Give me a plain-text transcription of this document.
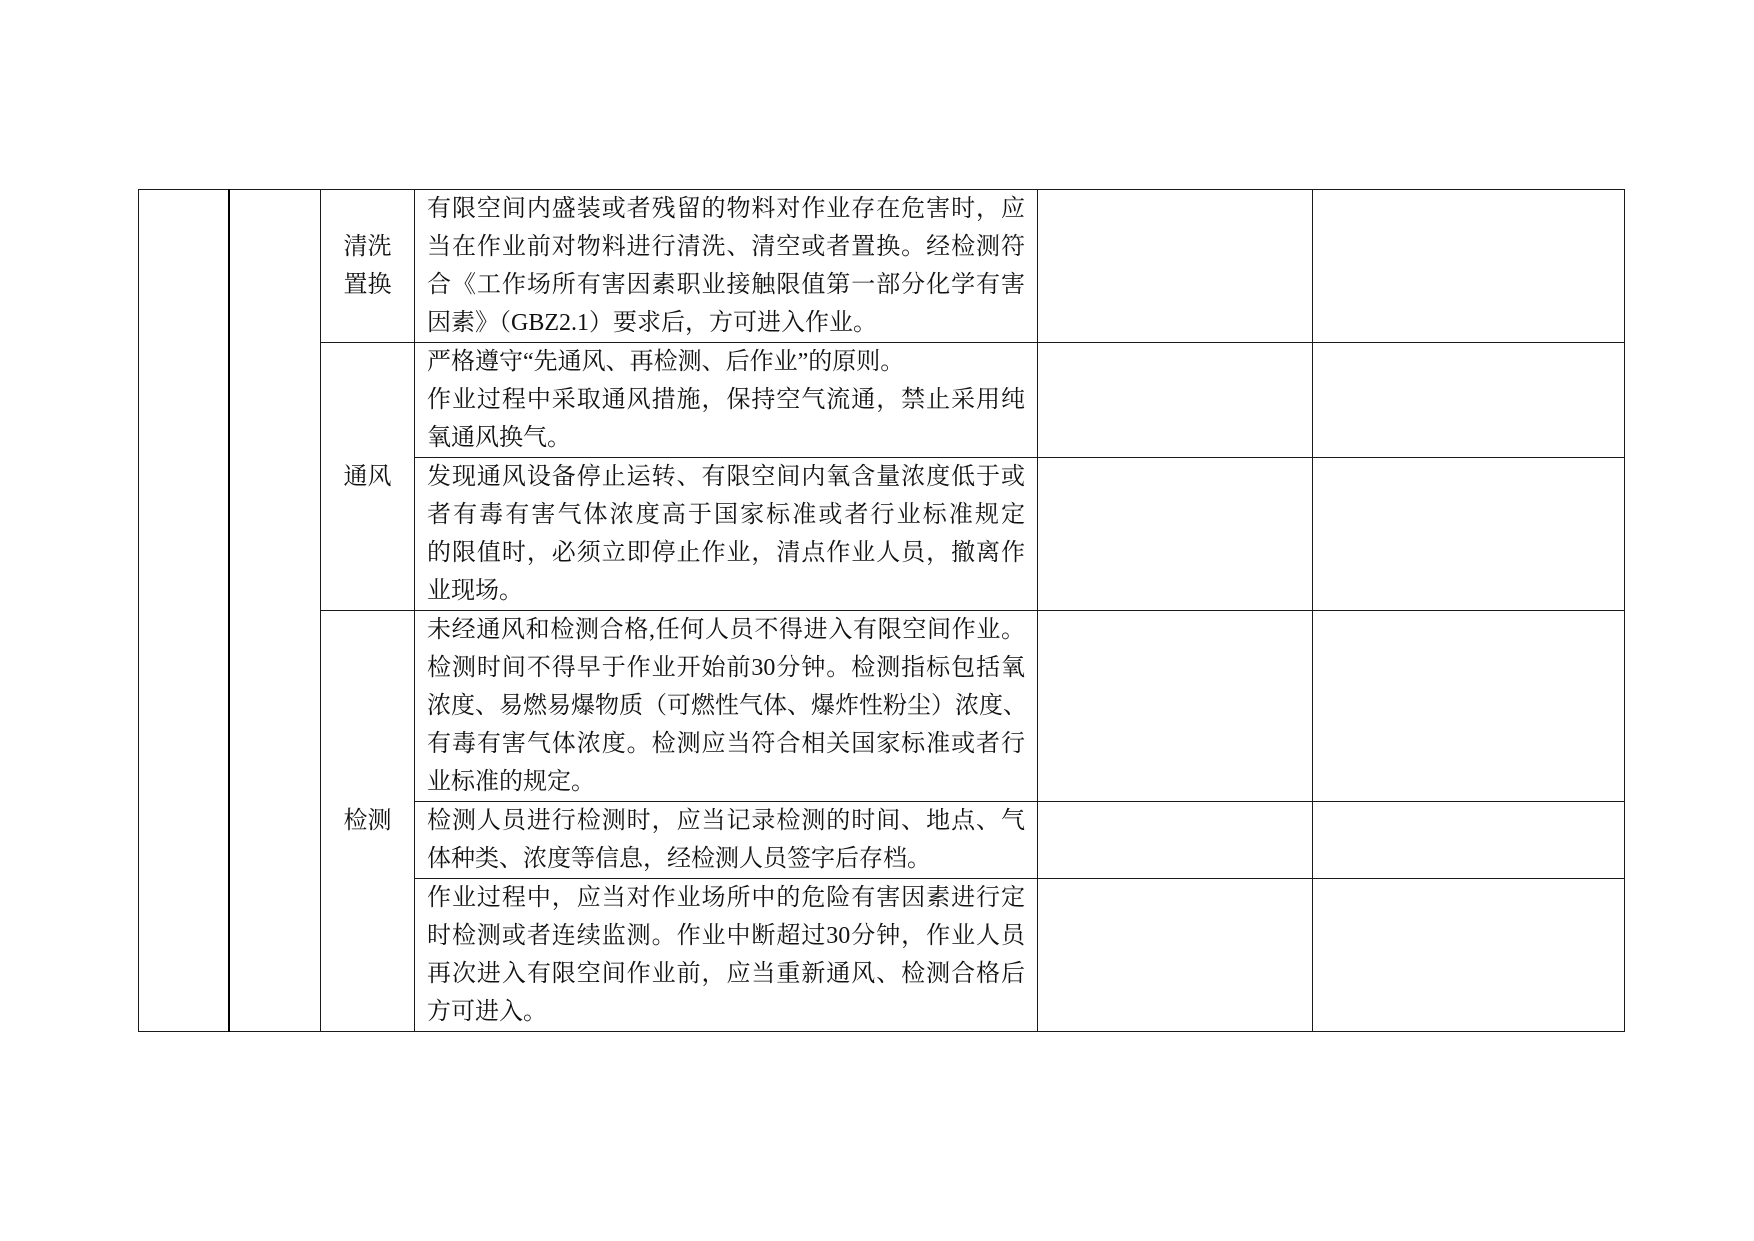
		清洗置换	有限空间内盛装或者残留的物料对作业存在危害时，应
当在作业前对物料进行清洗、清空或者置换。经检测符
合《工作场所有害因素职业接触限值第一部分化学有害
因素》（GBZ2.1）要求后，方可进入作业。		

		通风	严格遵守“先通风、再检测、后作业”的原则。
作业过程中采取通风措施，保持空气流通，禁止采用纯
氧通风换气。		

			发现通风设备停止运转、有限空间内氧含量浓度低于或
者有毒有害气体浓度高于国家标准或者行业标准规定
的限值时，必须立即停止作业，清点作业人员，撤离作
业现场。		

		检测	未经通风和检测合格,任何人员不得进入有限空间作业。
检测时间不得早于作业开始前30分钟。检测指标包括氧
浓度、易燃易爆物质（可燃性气体、爆炸性粉尘）浓度、
有毒有害气体浓度。检测应当符合相关国家标准或者行
业标准的规定。		

			检测人员进行检测时，应当记录检测的时间、地点、气
体种类、浓度等信息，经检测人员签字后存档。		

			作业过程中，应当对作业场所中的危险有害因素进行定
时检测或者连续监测。作业中断超过30分钟，作业人员
再次进入有限空间作业前，应当重新通风、检测合格后
方可进入。		
